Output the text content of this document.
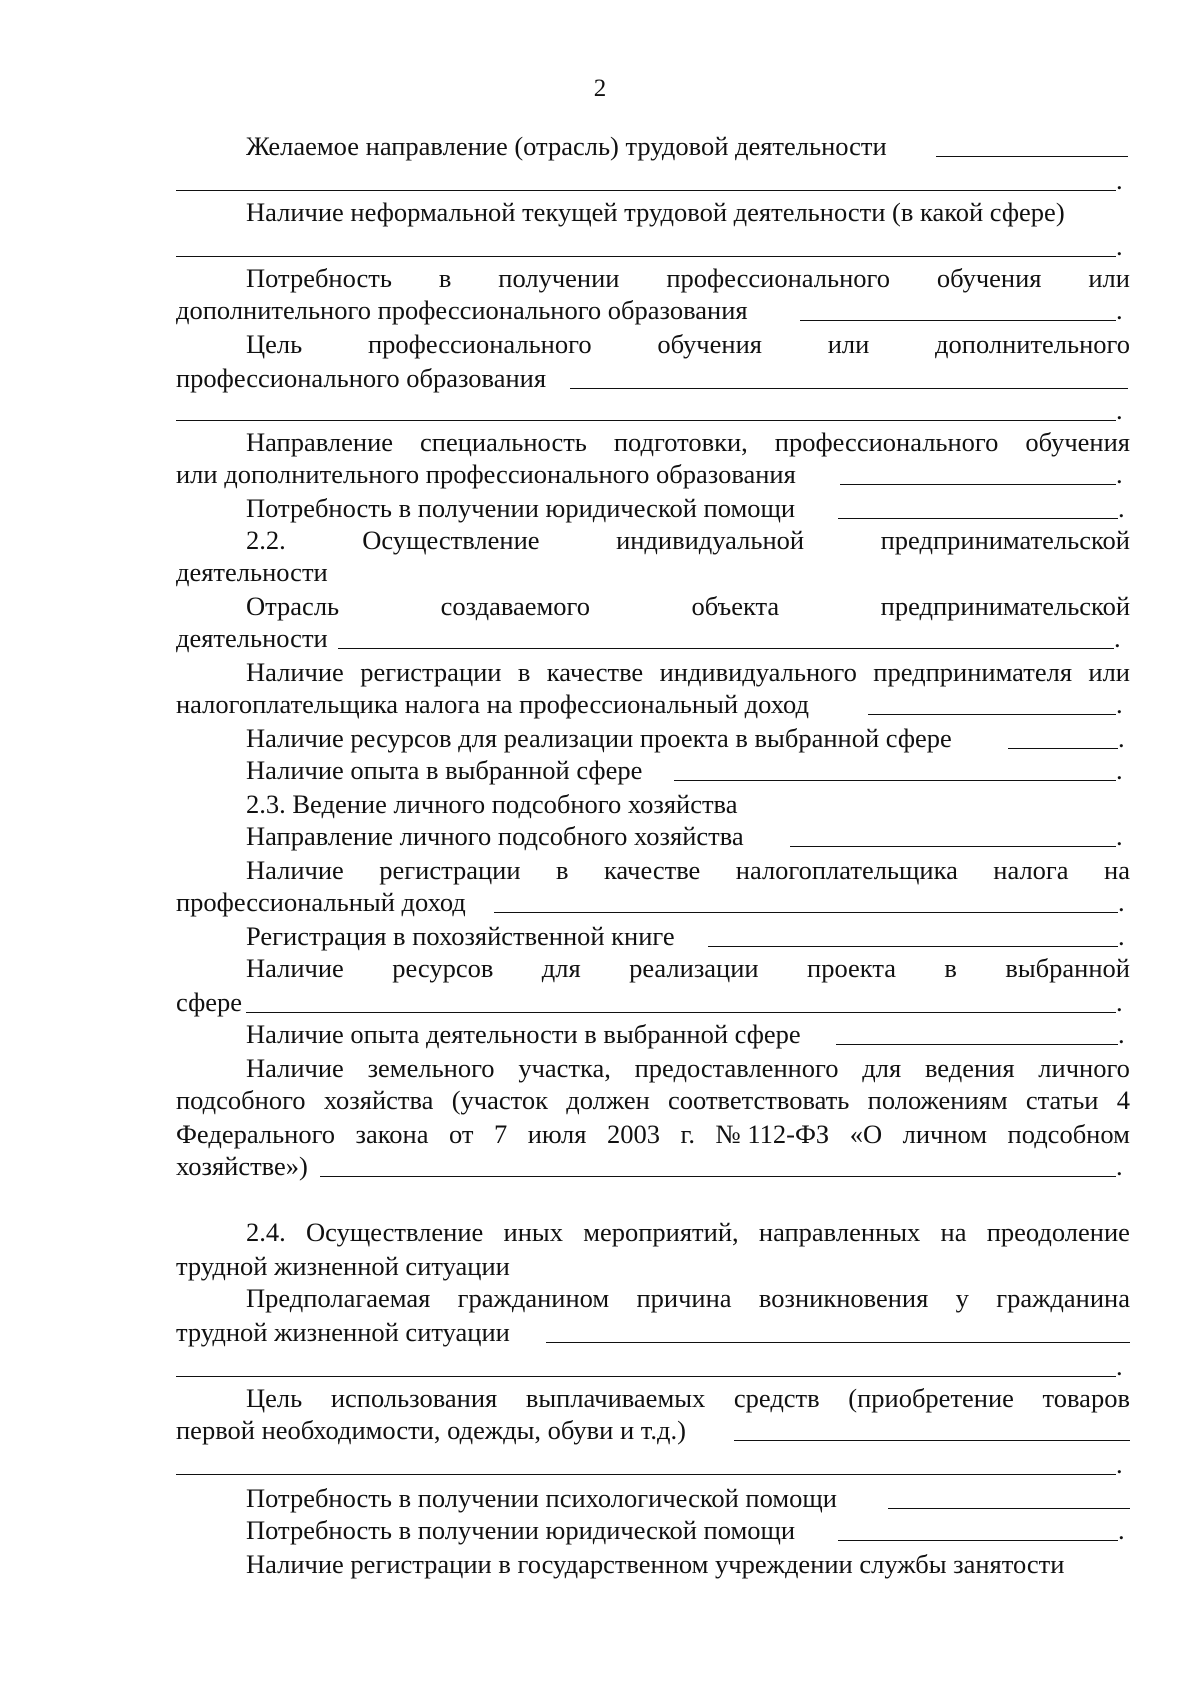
2
Желаемое направление (отрасль) трудовой деятельности
.
Наличие неформальной текущей трудовой деятельности (в какой сфере)
.
Потребность в получении профессионального обучения или
дополнительного профессионального образования	.
Цель профессионального обучения или дополнительного
профессионального образования
.
Направление специальность подготовки, профессионального обучения
или дополнительного профессионального образования	.
Потребность в получении юридической помощи	.
2.2.	Осуществление	индивидуальной	предпринимательской
деятельности
Отрасль	создаваемого	объекта	предпринимательской
деятельности	.
Наличие регистрации в качестве индивидуального предпринимателя или
налогоплательщика налога на профессиональный доход	.
Наличие ресурсов для реализации проекта в выбранной сфере	.
Наличие опыта в выбранной сфере	.
2.3. Ведение личного подсобного хозяйства
Направление личного подсобного хозяйства	.
Наличие регистрации в качестве налогоплательщика налога на
профессиональный доход	.
Регистрация в похозяйственной книге	.
Наличие ресурсов для реализации проекта в выбранной
сфере	.
Наличие опыта деятельности в выбранной сфере	.
Наличие земельного участка, предоставленного для ведения личного
подсобного хозяйства (участок должен соответствовать положениям статьи 4
Федерального закона от 7 июля 2003 г. № 112-ФЗ «О личном подсобном
хозяйстве»)	.
2.4. Осуществление иных мероприятий, направленных на преодоление
трудной жизненной ситуации
Предполагаемая гражданином причина возникновения у гражданина
трудной жизненной ситуации
.
Цель использования выплачиваемых средств (приобретение товаров
первой необходимости, одежды, обуви и т.д.)
.
Потребность в получении психологической помощи
Потребность в получении юридической помощи	.
Наличие регистрации в государственном учреждении службы занятости
